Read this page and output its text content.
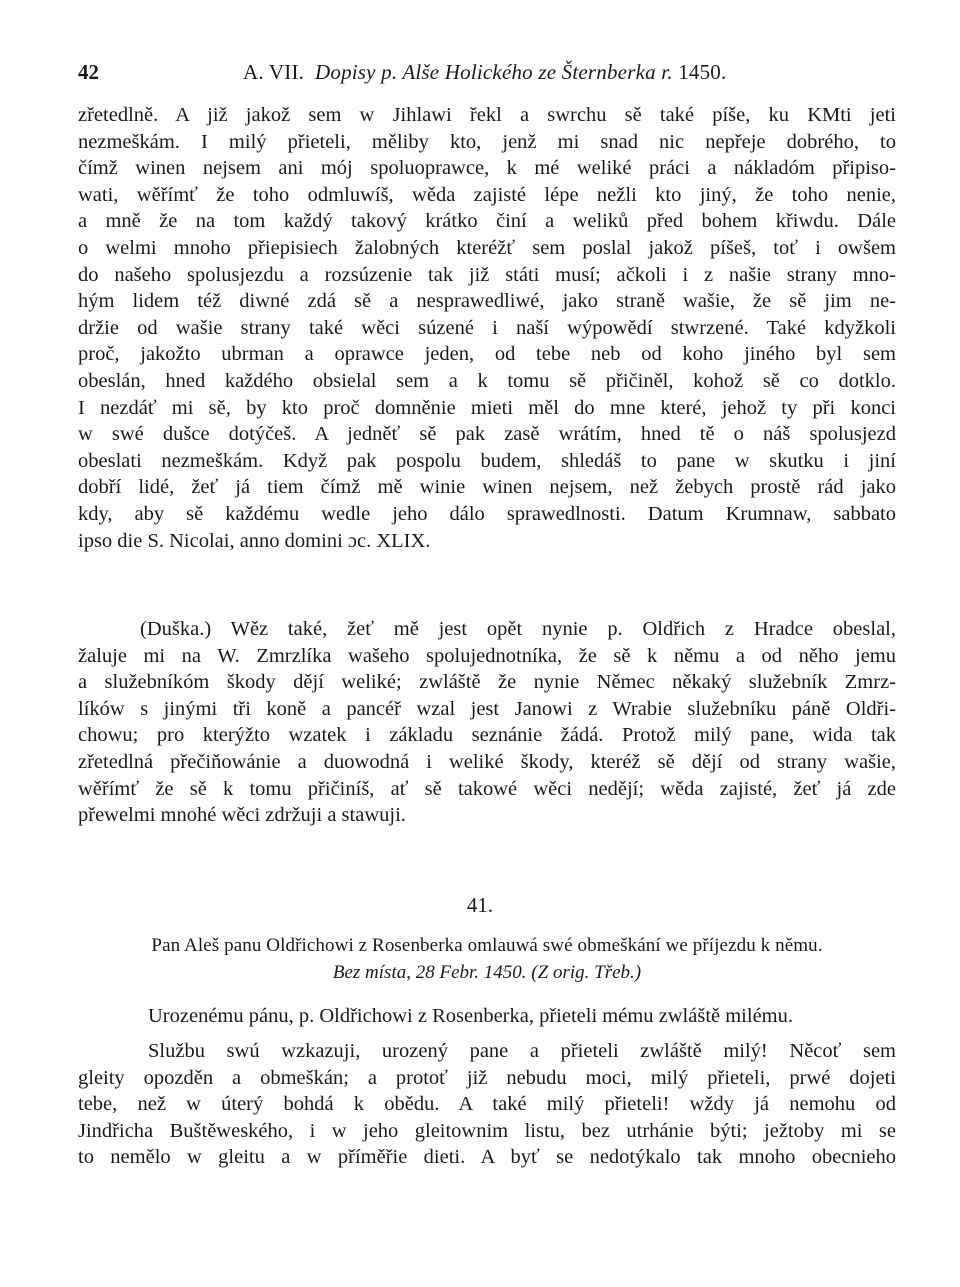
42	A. VII. Dopisy p. Alše Holického ze Šternberka r. 1450.
zřetedlně. A již jakož sem w Jihlawi řekl a swrchu sě také píše, ku KMti jeti
nezmeškám. I milý přieteli, měliby kto, jenž mi snad nic nepřeje dobrého, to
čímž winen nejsem ani mój spoluoprawce, k mé weliké práci a nákladóm připiso-
wati, wěřímť že toho odmluwíš, wěda zajisté lépe nežli kto jiný, že toho nenie,
a mně že na tom každý takový krátko činí a weliků před bohem křiwdu. Dále
o welmi mnoho přiepisiech žalobných kteréžť sem poslal jakož píšeš, toť i owšem
do našeho spolusjezdu a rozsúzenie tak již státi musí; ačkoli i z našie strany mno-
hým lidem též diwné zdá sě a nesprawedliwé, jako straně wašie, že sě jim ne-
držie od wašie strany také wěci súzené i naší wýpowědí stwrzené. Také kdyžkoli
proč, jakožto ubrman a oprawce jeden, od tebe neb od koho jiného byl sem
obeslán, hned každého obsielal sem a k tomu sě přičiněl, kohož sě co dotklo.
I nezdáť mi sě, by kto proč domněnie mieti měl do mne které, jehož ty při konci
w swé dušce dotýčeš. A jedněť sě pak zasě wrátím, hned tě o náš spolusjezd
obeslati nezmeškám. Když pak pospolu budem, shledáš to pane w skutku i jiní
dobří lidé, žeť já tiem čímž mě winie winen nejsem, než žebych prostě rád jako
kdy, aby sě každému wedle jeho dálo sprawedlnosti. Datum Krumnaw, sabbato
ipso die S. Nicolai, anno domini ɔc. XLIX.
(Duška.) Wěz také, žeť mě jest opět nynie p. Oldřich z Hradce obeslal,
žaluje mi na W. Zmrzlíka wašeho spolujednotníka, že sě k němu a od něho jemu
a služebníkóm škody dějí weliké; zwláště že nynie Němec někaký služebník Zmrz-
líków s jinými tři koně a pancéř wzal jest Janowi z Wrabie služebníku páně Oldři-
chowu; pro kterýžto wzatek i základu seznánie žádá. Protož milý pane, wida tak
zřetedlná přečiňowánie a duowodná i weliké škody, kteréž sě dějí od strany wašie,
wěřímť že sě k tomu přičiníš, ať sě takowé wěci nedějí; wěda zajisté, žeť já zde
přewelmi mnohé wěci zdržuji a stawuji.
41.
Pan Aleš panu Oldřichowi z Rosenberka omlauwá swé obmeškání we příjezdu k němu.
Bez místa, 28 Febr. 1450. (Z orig. Třeb.)
Urozenému pánu, p. Oldřichowi z Rosenberka, přieteli mému zwláště milému.
Službu swú wzkazuji, urozený pane a přieteli zwláště milý! Něcoť sem
gleity opozděn a obmeškán; a protoť již nebudu moci, milý přieteli, prwé dojeti
tebe, než w úterý bohdá k obědu. A také milý přieteli! wždy já nemohu od
Jindřicha Buštěweského, i w jeho gleitownim listu, bez utrhánie býti; ježtoby mi se
to nemělo w gleitu a w příměřie dieti. A byť se nedotýkalo tak mnoho obecnieho
